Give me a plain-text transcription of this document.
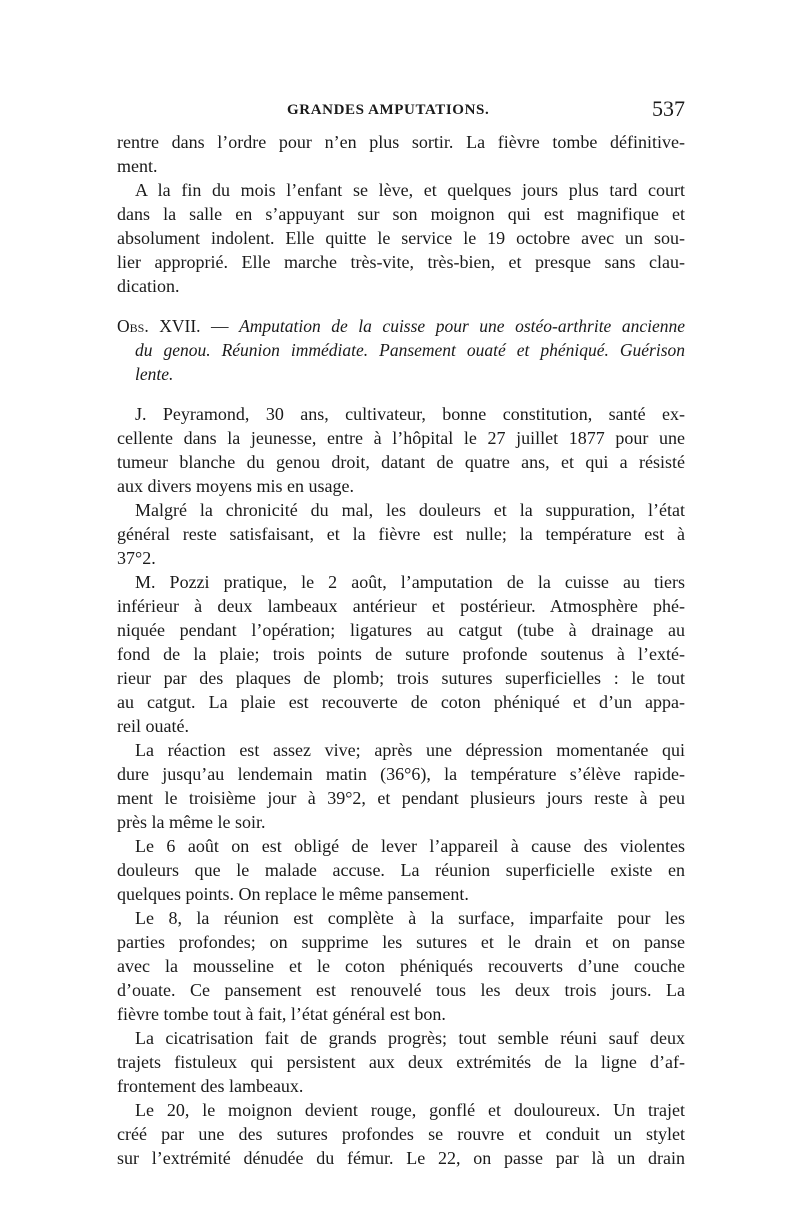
GRANDES AMPUTATIONS.	537
rentre dans l’ordre pour n’en plus sortir. La fièvre tombe définitive-
ment.
A la fin du mois l’enfant se lève, et quelques jours plus tard court
dans la salle en s’appuyant sur son moignon qui est magnifique et
absolument indolent. Elle quitte le service le 19 octobre avec un sou-
lier approprié. Elle marche très-vite, très-bien, et presque sans clau-
dication.
Obs. XVII. — Amputation de la cuisse pour une ostéo-arthrite ancienne
du genou. Réunion immédiate. Pansement ouaté et phéniqué. Guérison
lente.
J. Peyramond, 30 ans, cultivateur, bonne constitution, santé ex-
cellente dans la jeunesse, entre à l’hôpital le 27 juillet 1877 pour une
tumeur blanche du genou droit, datant de quatre ans, et qui a résisté
aux divers moyens mis en usage.
Malgré la chronicité du mal, les douleurs et la suppuration, l’état
général reste satisfaisant, et la fièvre est nulle; la température est à
37°2.
M. Pozzi pratique, le 2 août, l’amputation de la cuisse au tiers
inférieur à deux lambeaux antérieur et postérieur. Atmosphère phé-
niquée pendant l’opération; ligatures au catgut (tube à drainage au
fond de la plaie; trois points de suture profonde soutenus à l’exté-
rieur par des plaques de plomb; trois sutures superficielles : le tout
au catgut. La plaie est recouverte de coton phéniqué et d’un appa-
reil ouaté.
La réaction est assez vive; après une dépression momentanée qui
dure jusqu’au lendemain matin (36°6), la température s’élève rapide-
ment le troisième jour à 39°2, et pendant plusieurs jours reste à peu
près la même le soir.
Le 6 août on est obligé de lever l’appareil à cause des violentes
douleurs que le malade accuse. La réunion superficielle existe en
quelques points. On replace le même pansement.
Le 8, la réunion est complète à la surface, imparfaite pour les
parties profondes; on supprime les sutures et le drain et on panse
avec la mousseline et le coton phéniqués recouverts d’une couche
d’ouate. Ce pansement est renouvelé tous les deux trois jours. La
fièvre tombe tout à fait, l’état général est bon.
La cicatrisation fait de grands progrès; tout semble réuni sauf deux
trajets fistuleux qui persistent aux deux extrémités de la ligne d’af-
frontement des lambeaux.
Le 20, le moignon devient rouge, gonflé et douloureux. Un trajet
créé par une des sutures profondes se rouvre et conduit un stylet
sur l’extrémité dénudée du fémur. Le 22, on passe par là un drain
